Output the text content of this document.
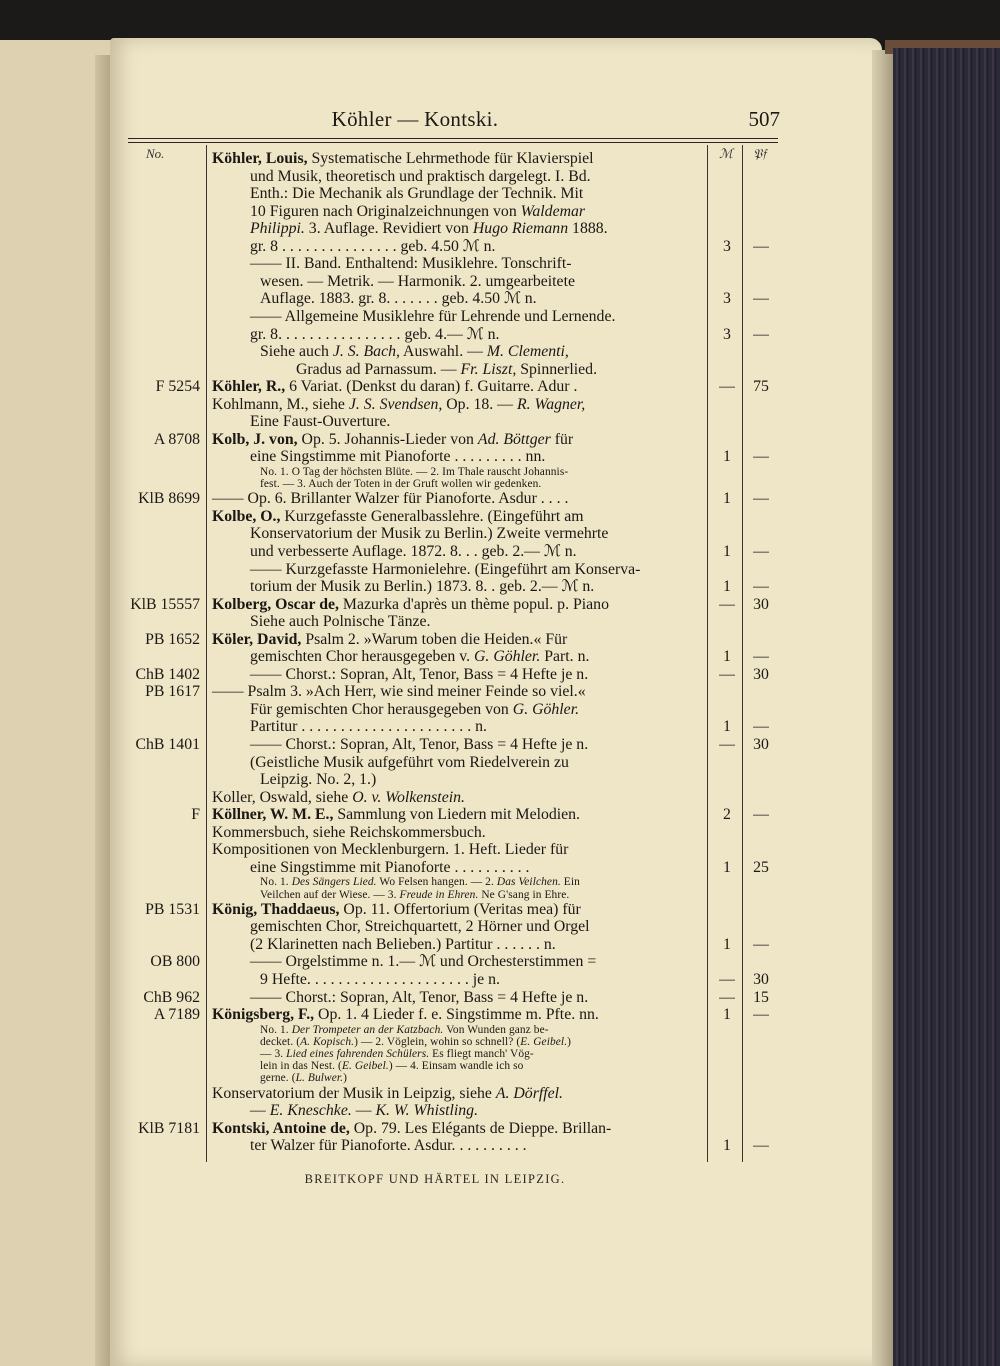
Köhler — Kontski.	507
No.	ℳ 𝔓𝔣
Köhler, Louis, Systematische Lehrmethode für Klavierspiel
und Musik, theoretisch und praktisch dargelegt. I. Bd.
Enth.: Die Mechanik als Grundlage der Technik. Mit
10 Figuren nach Originalzeichnungen von Waldemar
Philippi. 3. Auflage. Revidiert von Hugo Riemann 1888.
gr. 8 . . . . . . . . . . . . . . . geb. 4.50 ℳ n.	3	—
—— II. Band. Enthaltend: Musiklehre. Tonschrift-
wesen. — Metrik. — Harmonik. 2. umgearbeitete
Auflage. 1883. gr. 8. . . . . . . geb. 4.50 ℳ n.	3	—
—— Allgemeine Musiklehre für Lehrende und Lernende.
gr. 8. . . . . . . . . . . . . . . . geb. 4.— ℳ n.	3	—
Siehe auch J. S. Bach, Auswahl. — M. Clementi,
Gradus ad Parnassum. — Fr. Liszt, Spinnerlied.
F 5254 Köhler, R., 6 Variat. (Denkst du daran) f. Guitarre. Adur .	—	75
Kohlmann, M., siehe J. S. Svendsen, Op. 18. — R. Wagner,
Eine Faust-Ouverture.
A 8708 Kolb, J. von, Op. 5. Johannis-Lieder von Ad. Böttger für
eine Singstimme mit Pianoforte . . . . . . . . . nn.	1	—
No. 1. O Tag der höchsten Blüte. — 2. Im Thale rauscht Johannis-
fest. — 3. Auch der Toten in der Gruft wollen wir gedenken.
KlB 8699 —— Op. 6. Brillanter Walzer für Pianoforte. Asdur . . . .	1	—
Kolbe, O., Kurzgefasste Generalbasslehre. (Eingeführt am
Konservatorium der Musik zu Berlin.) Zweite vermehrte
und verbesserte Auflage. 1872. 8. . . geb. 2.— ℳ n.	1	—
—— Kurzgefasste Harmonielehre. (Eingeführt am Konserva-
torium der Musik zu Berlin.) 1873. 8. . geb. 2.— ℳ n.	1	—
KlB 15557 Kolberg, Oscar de, Mazurka d'après un thème popul. p. Piano	—	30
Siehe auch Polnische Tänze.
PB 1652 Köler, David, Psalm 2. »Warum toben die Heiden.« Für
gemischten Chor herausgegeben v. G. Göhler. Part. n.	1	—
ChB 1402	—— Chorst.: Sopran, Alt, Tenor, Bass = 4 Hefte je n.	—	30
PB 1617 —— Psalm 3. »Ach Herr, wie sind meiner Feinde so viel.«
Für gemischten Chor herausgegeben von G. Göhler.
Partitur . . . . . . . . . . . . . . . . . . . . . . n.	1	—
ChB 1401	—— Chorst.: Sopran, Alt, Tenor, Bass = 4 Hefte je n.	—	30
(Geistliche Musik aufgeführt vom Riedelverein zu
Leipzig. No. 2, 1.)
Koller, Oswald, siehe O. v. Wolkenstein.
F Köllner, W. M. E., Sammlung von Liedern mit Melodien.	2	—
Kommersbuch, siehe Reichskommersbuch.
Kompositionen von Mecklenburgern. 1. Heft. Lieder für
eine Singstimme mit Pianoforte . . . . . . . . . .	1	25
No. 1. Des Sängers Lied. Wo Felsen hangen. — 2. Das Veilchen. Ein
Veilchen auf der Wiese. — 3. Freude in Ehren. Ne G'sang in Ehre.
PB 1531 König, Thaddaeus, Op. 11. Offertorium (Veritas mea) für
gemischten Chor, Streichquartett, 2 Hörner und Orgel
(2 Klarinetten nach Belieben.) Partitur . . . . . . n.	1	—
OB 800	—— Orgelstimme n. 1.— ℳ und Orchesterstimmen =
9 Hefte. . . . . . . . . . . . . . . . . . . . . je n.	—	30
ChB 962	—— Chorst.: Sopran, Alt, Tenor, Bass = 4 Hefte je n.	—	15
A 7189 Königsberg, F., Op. 1. 4 Lieder f. e. Singstimme m. Pfte. nn.	1	—
No. 1. Der Trompeter an der Katzbach. Von Wunden ganz be-
decket. (A. Kopisch.) — 2. Vöglein, wohin so schnell? (E. Geibel.)
— 3. Lied eines fahrenden Schülers. Es fliegt manch' Vög-
lein in das Nest. (E. Geibel.) — 4. Einsam wandle ich so
gerne. (L. Bulwer.)
Konservatorium der Musik in Leipzig, siehe A. Dörffel.
— E. Kneschke. — K. W. Whistling.
KlB 7181 Kontski, Antoine de, Op. 79. Les Elégants de Dieppe. Brillan-
ter Walzer für Pianoforte. Asdur. . . . . . . . . .	1	—
BREITKOPF UND HÄRTEL IN LEIPZIG.
